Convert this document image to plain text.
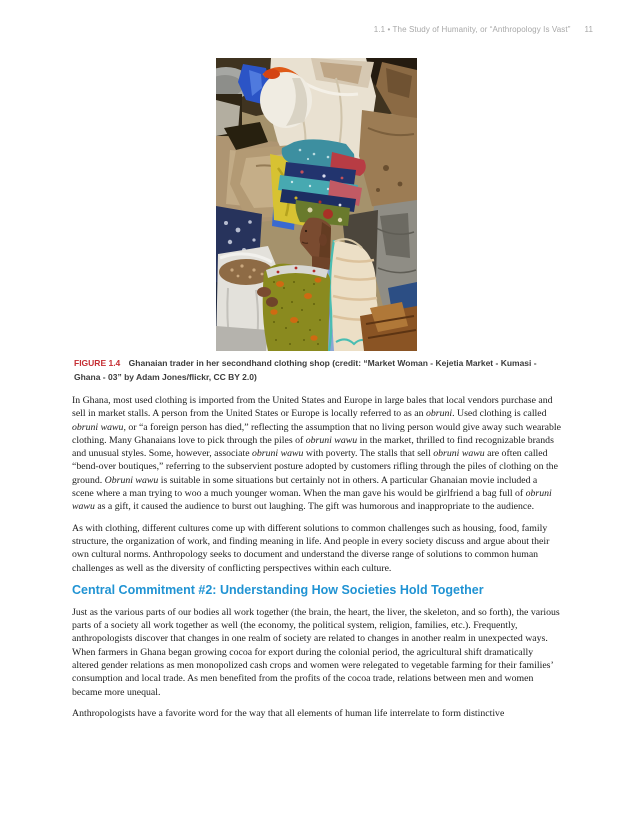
1.1 • The Study of Humanity, or “Anthropology Is Vast” 11

FIGURE 1.4 Ghanaian trader in her secondhand clothing shop (credit: “Market Woman - Kejetia Market - Kumasi - Ghana - 03” by Adam Jones/flickr, CC BY 2.0)

In Ghana, most used clothing is imported from the United States and Europe in large bales that local vendors purchase and sell in market stalls. A person from the United States or Europe is locally referred to as an obruni. Used clothing is called obruni wawu, or “a foreign person has died,” reflecting the assumption that no living person would give away such wearable clothing. Many Ghanaians love to pick through the piles of obruni wawu in the market, thrilled to find recognizable brands and unusual styles. Some, however, associate obruni wawu with poverty. The stalls that sell obruni wawu are often called “bend-over boutiques,” referring to the subservient posture adopted by customers rifling through the piles of clothing on the ground. Obruni wawu is suitable in some situations but certainly not in others. A particular Ghanaian movie included a scene where a man trying to woo a much younger woman. When the man gave his would be girlfriend a bag full of obruni wawu as a gift, it caused the audience to burst out laughing. The gift was humorous and inappropriate to the audience.

As with clothing, different cultures come up with different solutions to common challenges such as housing, food, family structure, the organization of work, and finding meaning in life. And people in every society discuss and argue about their own cultural norms. Anthropology seeks to document and understand the diverse range of solutions to common human challenges as well as the diversity of conflicting perspectives within each culture.

Central Commitment #2: Understanding How Societies Hold Together

Just as the various parts of our bodies all work together (the brain, the heart, the liver, the skeleton, and so forth), the various parts of a society all work together as well (the economy, the political system, religion, families, etc.). Frequently, anthropologists discover that changes in one realm of society are related to changes in another realm in unexpected ways. When farmers in Ghana began growing cocoa for export during the colonial period, the agricultural shift dramatically altered gender relations as men monopolized cash crops and women were relegated to vegetable farming for their families’ consumption and local trade. As men benefited from the profits of the cocoa trade, relations between men and women became more unequal.

Anthropologists have a favorite word for the way that all elements of human life interrelate to form distinctive
